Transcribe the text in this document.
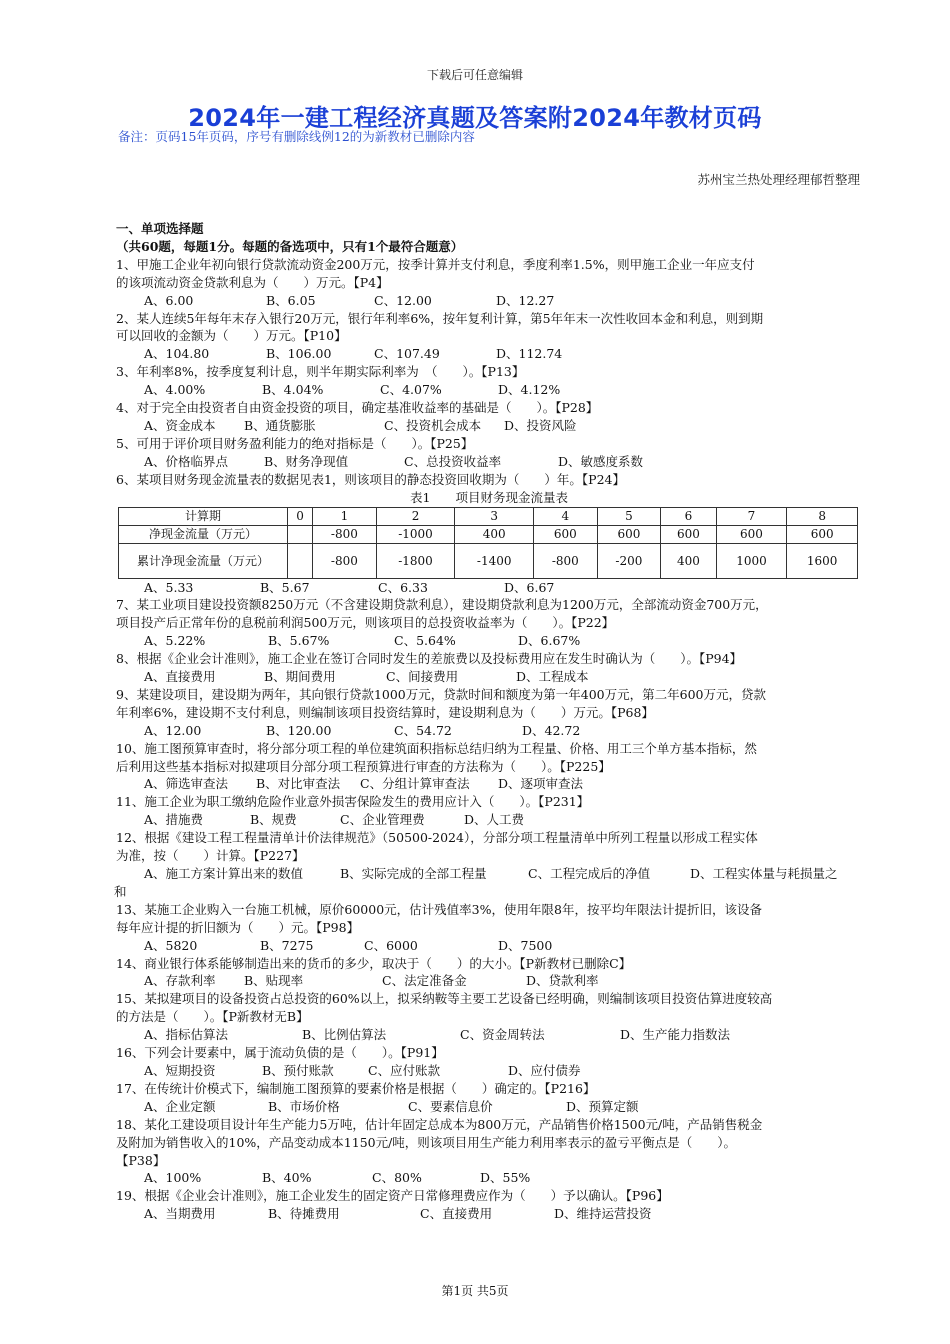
下载后可任意编辑
2024年一建工程经济真题及答案附2024年教材页码
备注：页码15年页码，序号有删除线例12的为新教材已删除内容
苏州宝兰热处理经理郁哲整理
一、单项选择题
（共60题，每题1分。每题的备选项中，只有1个最符合题意）
1、甲施工企业年初向银行贷款流动资金200万元，按季计算并支付利息，季度利率1.5%，则甲施工企业一年应支付
的该项流动资金贷款利息为（　　）万元。【P4】
A、6.00	B、6.05	C、12.00	D、12.27
2、某人连续5年每年末存入银行20万元，银行年利率6%，按年复利计算，第5年年末一次性收回本金和利息，则到期
可以回收的金额为（　　）万元。【P10】
A、104.80	B、106.00	C、107.49	D、112.74
3、年利率8%，按季度复利计息，则半年期实际利率为　（　　）。【P13】
A、4.00%	B、4.04%	C、4.07%	D、4.12%
4、对于完全由投资者自由资金投资的项目，确定基准收益率的基础是（　　）。【P28】
A、资金成本	B、通货膨胀	C、投资机会成本	D、投资风险
5、可用于评价项目财务盈利能力的绝对指标是（　　）。【P25】
A、价格临界点	B、财务净现值	C、总投资收益率	D、敏感度系数
6、某项目财务现金流量表的数据见表1，则该项目的静态投资回收期为（　　）年。【P24】
表1　　项目财务现金流量表
计算期	0	1	2	3	4	5	6	7	8
净现金流量（万元）		-800	-1000	400	600	600	600	600	600
累计净现金流量（万元）		-800	-1800	-1400	-800	-200	400	1000	1600
A、5.33	B、5.67	C、6.33	D、6.67
7、某工业项目建设投资额8250万元（不含建设期贷款利息），建设期贷款利息为1200万元，全部流动资金700万元，
项目投产后正常年份的息税前利润500万元，则该项目的总投资收益率为（　　）。【P22】
A、5.22%	B、5.67%	C、5.64%	D、6.67%
8、根据《企业会计准则》，施工企业在签订合同时发生的差旅费以及投标费用应在发生时确认为（　　）。【P94】
A、直接费用	B、期间费用	C、间接费用	D、工程成本
9、某建设项目，建设期为两年，其向银行贷款1000万元，贷款时间和额度为第一年400万元，第二年600万元，贷款
年利率6%，建设期不支付利息，则编制该项目投资结算时，建设期利息为（　　）万元。【P68】
A、12.00	B、120.00	C、54.72	D、42.72
10、施工图预算审查时，将分部分项工程的单位建筑面积指标总结归纳为工程量、价格、用工三个单方基本指标，然
后利用这些基本指标对拟建项目分部分项工程预算进行审查的方法称为（　　）。【P225】
A、筛选审查法	B、对比审查法	C、分组计算审查法	D、逐项审查法
11、施工企业为职工缴纳危险作业意外损害保险发生的费用应计入（　　）。【P231】
A、措施费	B、规费	C、企业管理费	D、人工费
12、根据《建设工程工程量清单计价法律规范》（50500-2024），分部分项工程量清单中所列工程量以形成工程实体
为准，按（　　）计算。【P227】
A、施工方案计算出来的数值	B、实际完成的全部工程量	C、工程完成后的净值	D、工程实体量与耗损量之
和
13、某施工企业购入一台施工机械，原价60000元，估计残值率3%，使用年限8年，按平均年限法计提折旧，该设备
每年应计提的折旧额为（　　）元。【P98】
A、5820	B、7275	C、6000	D、7500
14、商业银行体系能够制造出来的货币的多少，取决于（　　）的大小。【P新教材已删除C】
A、存款利率	B、贴现率	C、法定准备金	D、贷款利率
15、某拟建项目的设备投资占总投资的60%以上，拟采纳鞍等主要工艺设备已经明确，则编制该项目投资估算进度较高
的方法是（　　）。【P新教材无B】
A、指标估算法	B、比例估算法	C、资金周转法	D、生产能力指数法
16、下列会计要素中，属于流动负债的是（　　）。【P91】
A、短期投资	B、预付账款	C、应付账款	D、应付债券
17、在传统计价模式下，编制施工图预算的要素价格是根据（　　）确定的。【P216】
A、企业定额	B、市场价格	C、要素信息价	D、预算定额
18、某化工建设项目设计年生产能力5万吨，估计年固定总成本为800万元，产品销售价格1500元/吨，产品销售税金
及附加为销售收入的10%，产品变动成本1150元/吨，则该项目用生产能力利用率表示的盈亏平衡点是（　　）。
【P38】
A、100%	B、40%	C、80%	D、55%
19、根据《企业会计准则》，施工企业发生的固定资产日常修理费应作为（　　）予以确认。【P96】
A、当期费用	B、待摊费用	C、直接费用	D、维持运营投资
第1页 共5页
